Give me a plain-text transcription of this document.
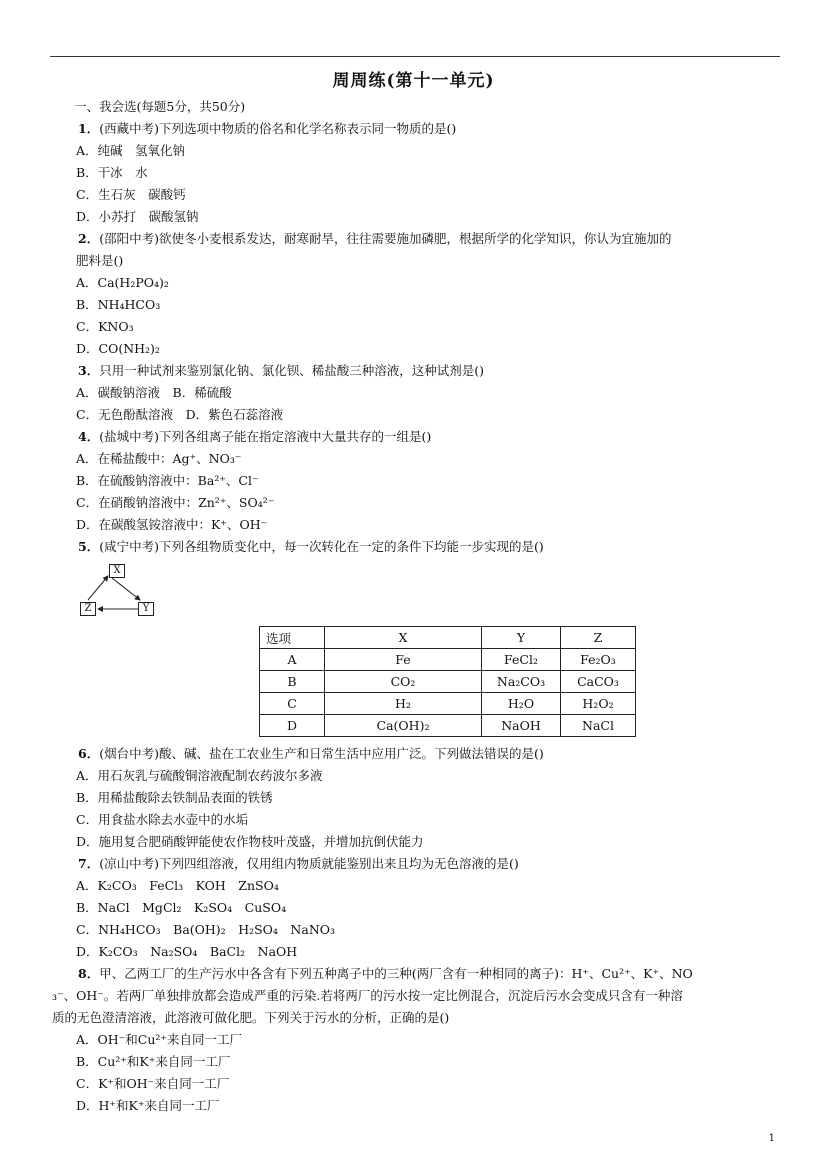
周周练(第十一单元)
一、我会选(每题5分，共50分)
1．(西藏中考)下列选项中物质的俗名和化学名称表示同一物质的是()
A．纯碱　氢氧化钠
B．干冰　水
C．生石灰　碳酸钙
D．小苏打　碳酸氢钠
2．(邵阳中考)欲使冬小麦根系发达，耐寒耐旱，往往需要施加磷肥，根据所学的化学知识，你认为宜施加的
肥料是()
A．Ca(H₂PO₄)₂
B．NH₄HCO₃
C．KNO₃
D．CO(NH₂)₂
3．只用一种试剂来鉴别氯化钠、氯化钡、稀盐酸三种溶液，这种试剂是()
A．碳酸钠溶液　B．稀硫酸
C．无色酚酞溶液　D．紫色石蕊溶液
4．(盐城中考)下列各组离子能在指定溶液中大量共存的一组是()
A．在稀盐酸中：Ag⁺、NO₃⁻
B．在硫酸钠溶液中：Ba²⁺、Cl⁻
C．在硝酸钠溶液中：Zn²⁺、SO₄²⁻
D．在碳酸氢铵溶液中：K⁺、OH⁻
5．(咸宁中考)下列各组物质变化中，每一次转化在一定的条件下均能一步实现的是()
X
Z	Y
选项	X	Y	Z
A	Fe	FeCl₂	Fe₂O₃
B	CO₂	Na₂CO₃	CaCO₃
C	H₂	H₂O	H₂O₂
D	Ca(OH)₂	NaOH	NaCl
6．(烟台中考)酸、碱、盐在工农业生产和日常生活中应用广泛。下列做法错误的是()
A．用石灰乳与硫酸铜溶液配制农药波尔多液
B．用稀盐酸除去铁制品表面的铁锈
C．用食盐水除去水壶中的水垢
D．施用复合肥硝酸钾能使农作物枝叶茂盛，并增加抗倒伏能力
7．(凉山中考)下列四组溶液，仅用组内物质就能鉴别出来且均为无色溶液的是()
A．K₂CO₃　FeCl₃　KOH　ZnSO₄
B．NaCl　MgCl₂　K₂SO₄　CuSO₄
C．NH₄HCO₃　Ba(OH)₂　H₂SO₄　NaNO₃
D．K₂CO₃　Na₂SO₄　BaCl₂　NaOH
8．甲、乙两工厂的生产污水中各含有下列五种离子中的三种(两厂含有一种相同的离子)：H⁺、Cu²⁺、K⁺、NO
₃⁻、OH⁻。若两厂单独排放都会造成严重的污染.若将两厂的污水按一定比例混合，沉淀后污水会变成只含有一种溶
质的无色澄清溶液，此溶液可做化肥。下列关于污水的分析，正确的是()
A．OH⁻和Cu²⁺来自同一工厂
B．Cu²⁺和K⁺来自同一工厂
C．K⁺和OH⁻来自同一工厂
D．H⁺和K⁺来自同一工厂
1
